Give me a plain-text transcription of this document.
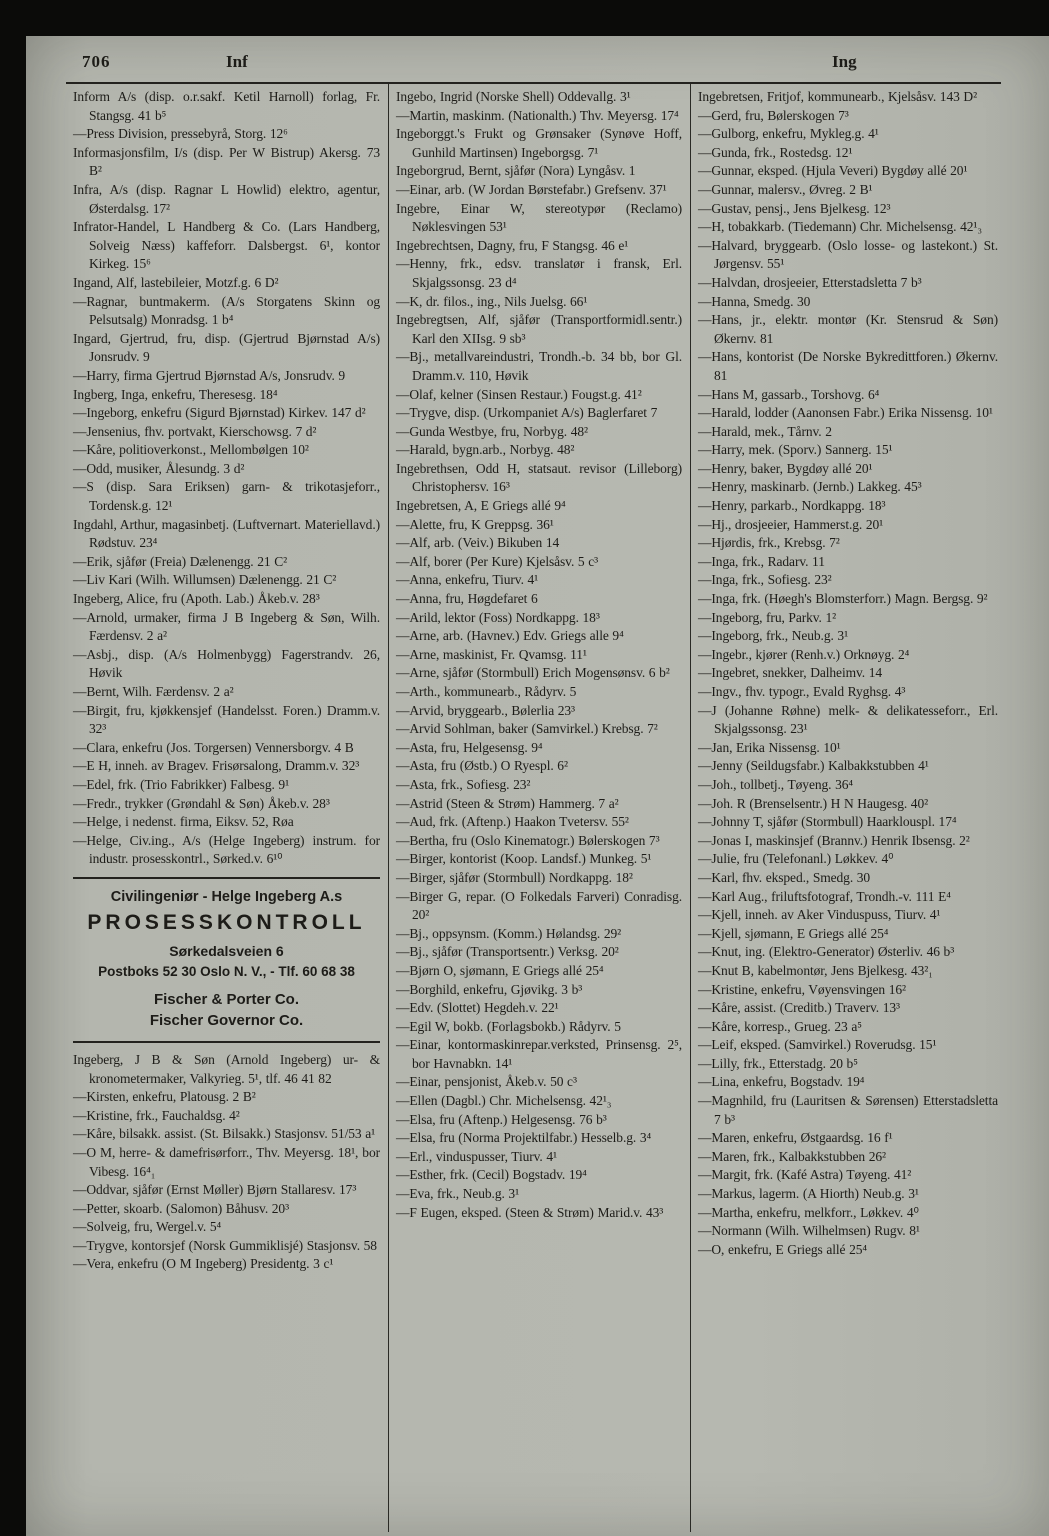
706	Inf	Ing

Inform A/s (disp. o.r.sakf. Ketil Harnoll) forlag, Fr. Stangsg. 41 b⁵

—Press Division, pressebyrå, Storg. 12⁶

Informasjonsfilm, I/s (disp. Per W Bistrup) Akersg. 73 B²

Infra, A/s (disp. Ragnar L Howlid) elektro, agentur, Østerdalsg. 17²

Infrator-Handel, L Handberg & Co. (Lars Handberg, Solveig Næss) kaffeforr. Dalsbergst. 6¹, kontor Kirkeg. 15⁶

Ingand, Alf, lastebileier, Motzf.g. 6 D²

—Ragnar, buntmakerm. (A/s Storgatens Skinn og Pelsutsalg) Monradsg. 1 b⁴

Ingard, Gjertrud, fru, disp. (Gjertrud Bjørnstad A/s) Jonsrudv. 9

—Harry, firma Gjertrud Bjørnstad A/s, Jonsrudv. 9

Ingberg, Inga, enkefru, Theresesg. 18⁴

—Ingeborg, enkefru (Sigurd Bjørnstad) Kirkev. 147 d²

—Jensenius, fhv. portvakt, Kierschowsg. 7 d²

—Kåre, politioverkonst., Mellombølgen 10²

—Odd, musiker, Ålesundg. 3 d²

—S (disp. Sara Eriksen) garn- & trikotasjeforr., Tordensk.g. 12¹

Ingdahl, Arthur, magasinbetj. (Luftvernart. Materiellavd.) Rødstuv. 23⁴

—Erik, sjåfør (Freia) Dælenengg. 21 C²

—Liv Kari (Wilh. Willumsen) Dælenengg. 21 C²

Ingeberg, Alice, fru (Apoth. Lab.) Åkeb.v. 28³

—Arnold, urmaker, firma J B Ingeberg & Søn, Wilh. Færdensv. 2 a²

—Asbj., disp. (A/s Holmenbygg) Fagerstrandv. 26, Høvik

—Bernt, Wilh. Færdensv. 2 a²

—Birgit, fru, kjøkkensjef (Handelsst. Foren.) Dramm.v. 32³

—Clara, enkefru (Jos. Torgersen) Vennersborgv. 4 B

—E H, inneh. av Bragev. Frisørsalong, Dramm.v. 32³

—Edel, frk. (Trio Fabrikker) Falbesg. 9¹

—Fredr., trykker (Grøndahl & Søn) Åkeb.v. 28³

—Helge, i nedenst. firma, Eiksv. 52, Røa

—Helge, Civ.ing., A/s (Helge Ingeberg) instrum. for industr. prosesskontrl., Sørked.v. 6¹⁰

Civilingeniør - Helge Ingeberg A.s

PROSESSKONTROLL

Sørkedalsveien 6

Postboks 52 30 Oslo N. V., - Tlf. 60 68 38

Fischer & Porter Co.

Fischer Governor Co.

Ingeberg, J B & Søn (Arnold Ingeberg) ur- & kronometermaker, Valkyrieg. 5¹, tlf. 46 41 82

—Kirsten, enkefru, Platousg. 2 B²

—Kristine, frk., Fauchaldsg. 4²

—Kåre, bilsakk. assist. (St. Bilsakk.) Stasjonsv. 51/53 a¹

—O M, herre- & damefrisørforr., Thv. Meyersg. 18¹, bor Vibesg. 16⁴₁

—Oddvar, sjåfør (Ernst Møller) Bjørn Stallaresv. 17³

—Petter, skoarb. (Salomon) Båhusv. 20³

—Solveig, fru, Wergel.v. 5⁴

—Trygve, kontorsjef (Norsk Gummiklisjé) Stasjonsv. 58

—Vera, enkefru (O M Ingeberg) Presidentg. 3 c¹

Ingebo, Ingrid (Norske Shell) Oddevallg. 3¹

—Martin, maskinm. (Nationalth.) Thv. Meyersg. 17⁴

Ingeborggt.'s Frukt og Grønsaker (Synøve Hoff, Gunhild Martinsen) Ingeborgsg. 7¹

Ingeborgrud, Bernt, sjåfør (Nora) Lyngåsv. 1

—Einar, arb. (W Jordan Børstefabr.) Grefsenv. 37¹

Ingebre, Einar W, stereotypør (Reclamo) Nøklesvingen 53¹

Ingebrechtsen, Dagny, fru, F Stangsg. 46 e¹

—Henny, frk., edsv. translatør i fransk, Erl. Skjalgssonsg. 23 d⁴

—K, dr. filos., ing., Nils Juelsg. 66¹

Ingebregtsen, Alf, sjåfør (Transportformidl.sentr.) Karl den XIIsg. 9 sb³

—Bj., metallvareindustri, Trondh.-b. 34 bb, bor Gl. Dramm.v. 110, Høvik

—Olaf, kelner (Sinsen Restaur.) Fougst.g. 41²

—Trygve, disp. (Urkompaniet A/s) Baglerfaret 7

—Gunda Westbye, fru, Norbyg. 48²

—Harald, bygn.arb., Norbyg. 48²

Ingebrethsen, Odd H, statsaut. revisor (Lilleborg) Christophersv. 16³

Ingebretsen, A, E Griegs allé 9⁴

—Alette, fru, K Greppsg. 36¹

—Alf, arb. (Veiv.) Bikuben 14

—Alf, borer (Per Kure) Kjelsåsv. 5 c³

—Anna, enkefru, Tiurv. 4¹

—Anna, fru, Høgdefaret 6

—Arild, lektor (Foss) Nordkappg. 18³

—Arne, arb. (Havnev.) Edv. Griegs alle 9⁴

—Arne, maskinist, Fr. Qvamsg. 11¹

—Arne, sjåfør (Stormbull) Erich Mogensønsv. 6 b²

—Arth., kommunearb., Rådyrv. 5

—Arvid, bryggearb., Bølerlia 23³

—Arvid Sohlman, baker (Samvirkel.) Krebsg. 7²

—Asta, fru, Helgesensg. 9⁴

—Asta, fru (Østb.) O Ryespl. 6²

—Asta, frk., Sofiesg. 23²

—Astrid (Steen & Strøm) Hammerg. 7 a²

—Aud, frk. (Aftenp.) Haakon Tvetersv. 55²

—Bertha, fru (Oslo Kinematogr.) Bølerskogen 7³

—Birger, kontorist (Koop. Landsf.) Munkeg. 5¹

—Birger, sjåfør (Stormbull) Nordkappg. 18²

—Birger G, repar. (O Folkedals Farveri) Conradisg. 20²

—Bj., oppsynsm. (Komm.) Hølandsg. 29²

—Bj., sjåfør (Transportsentr.) Verksg. 20²

—Bjørn O, sjømann, E Griegs allé 25⁴

—Borghild, enkefru, Gjøvikg. 3 b³

—Edv. (Slottet) Hegdeh.v. 22¹

—Egil W, bokb. (Forlagsbokb.) Rådyrv. 5

—Einar, kontormaskinrepar.verksted, Prinsensg. 2⁵, bor Havnabkn. 14¹

—Einar, pensjonist, Åkeb.v. 50 c³

—Ellen (Dagbl.) Chr. Michelsensg. 42¹₃

—Elsa, fru (Aftenp.) Helgesensg. 76 b³

—Elsa, fru (Norma Projektilfabr.) Hesselb.g. 3⁴

—Erl., vinduspusser, Tiurv. 4¹

—Esther, frk. (Cecil) Bogstadv. 19⁴

—Eva, frk., Neub.g. 3¹

—F Eugen, eksped. (Steen & Strøm) Marid.v. 43³

Ingebretsen, Fritjof, kommunearb., Kjelsåsv. 143 D²

—Gerd, fru, Bølerskogen 7³

—Gulborg, enkefru, Mykleg.g. 4¹

—Gunda, frk., Rostedsg. 12¹

—Gunnar, eksped. (Hjula Veveri) Bygdøy allé 20¹

—Gunnar, malersv., Øvreg. 2 B¹

—Gustav, pensj., Jens Bjelkesg. 12³

—H, tobakkarb. (Tiedemann) Chr. Michelsensg. 42¹₃

—Halvard, bryggearb. (Oslo losse- og lastekont.) St. Jørgensv. 55¹

—Halvdan, drosjeeier, Etterstadsletta 7 b³

—Hanna, Smedg. 30

—Hans, jr., elektr. montør (Kr. Stensrud & Søn) Økernv. 81

—Hans, kontorist (De Norske Bykredittforen.) Økernv. 81

—Hans M, gassarb., Torshovg. 6⁴

—Harald, lodder (Aanonsen Fabr.) Erika Nissensg. 10¹

—Harald, mek., Tårnv. 2

—Harry, mek. (Sporv.) Sannerg. 15¹

—Henry, baker, Bygdøy allé 20¹

—Henry, maskinarb. (Jernb.) Lakkeg. 45³

—Henry, parkarb., Nordkappg. 18³

—Hj., drosjeeier, Hammerst.g. 20¹

—Hjørdis, frk., Krebsg. 7²

—Inga, frk., Radarv. 11

—Inga, frk., Sofiesg. 23²

—Inga, frk. (Høegh's Blomsterforr.) Magn. Bergsg. 9²

—Ingeborg, fru, Parkv. 1²

—Ingeborg, frk., Neub.g. 3¹

—Ingebr., kjører (Renh.v.) Orknøyg. 2⁴

—Ingebret, snekker, Dalheimv. 14

—Ingv., fhv. typogr., Evald Ryghsg. 4³

—J (Johanne Røhne) melk- & delikatesseforr., Erl. Skjalgssonsg. 23¹

—Jan, Erika Nissensg. 10¹

—Jenny (Seildugsfabr.) Kalbakkstubben 4¹

—Joh., tollbetj., Tøyeng. 36⁴

—Joh. R (Brenselsentr.) H N Haugesg. 40²

—Johnny T, sjåfør (Stormbull) Haarklouspl. 17⁴

—Jonas I, maskinsjef (Brannv.) Henrik Ibsensg. 2²

—Julie, fru (Telefonanl.) Løkkev. 4⁰

—Karl, fhv. eksped., Smedg. 30

—Karl Aug., friluftsfotograf, Trondh.-v. 111 E⁴

—Kjell, inneh. av Aker Vinduspuss, Tiurv. 4¹

—Kjell, sjømann, E Griegs allé 25⁴

—Knut, ing. (Elektro-Generator) Østerliv. 46 b³

—Knut B, kabelmontør, Jens Bjelkesg. 43²₁

—Kristine, enkefru, Vøyensvingen 16²

—Kåre, assist. (Creditb.) Traverv. 13³

—Kåre, korresp., Grueg. 23 a⁵

—Leif, eksped. (Samvirkel.) Roverudsg. 15¹

—Lilly, frk., Etterstadg. 20 b⁵

—Lina, enkefru, Bogstadv. 19⁴

—Magnhild, fru (Lauritsen & Sørensen) Etterstadsletta 7 b³

—Maren, enkefru, Østgaardsg. 16 f¹

—Maren, frk., Kalbakkstubben 26²

—Margit, frk. (Kafé Astra) Tøyeng. 41²

—Markus, lagerm. (A Hiorth) Neub.g. 3¹

—Martha, enkefru, melkforr., Løkkev. 4⁰

—Normann (Wilh. Wilhelmsen) Rugv. 8¹

—O, enkefru, E Griegs allé 25⁴
